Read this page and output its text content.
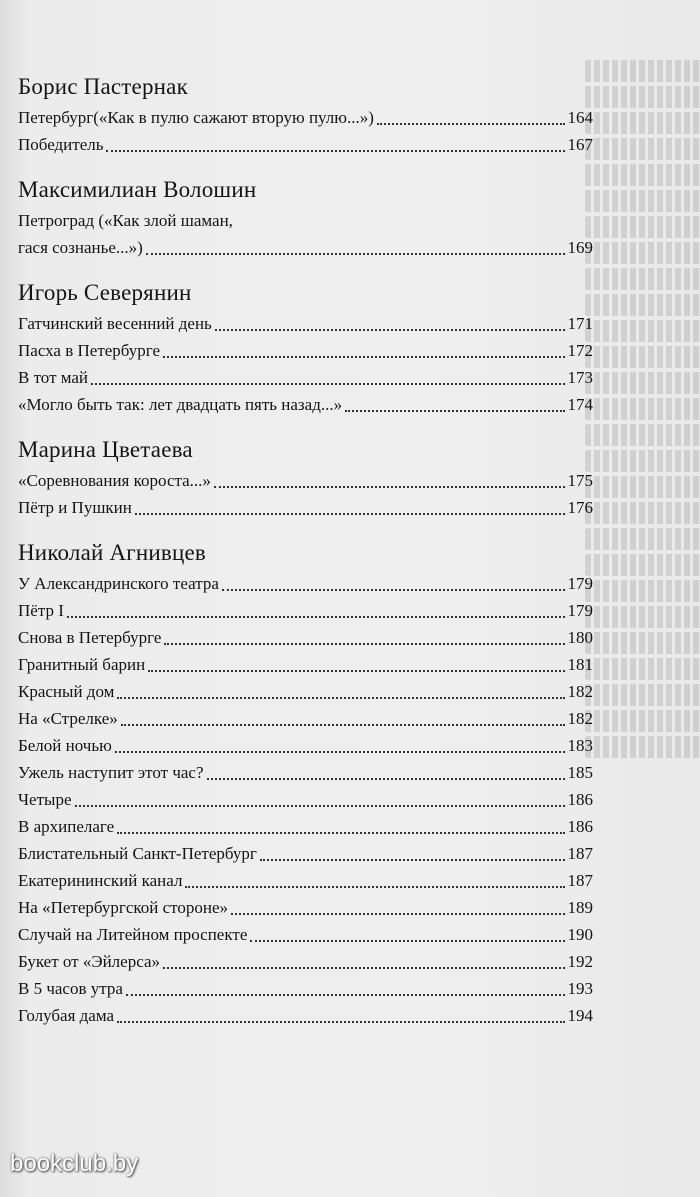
Борис Пастернак
Петербург(«Как в пулю сажают вторую пулю...»)	164
Победитель	167
Максимилиан Волошин
Петроград («Как злой шаман,
гася сознанье...»)	169
Игорь Северянин
Гатчинский весенний день	171
Пасха в Петербурге	172
В тот май	173
«Могло быть так: лет двадцать пять назад...»	174
Марина Цветаева
«Соревнования короста...»	175
Пётр и Пушкин	176
Николай Агнивцев
У Александринского театра	179
Пётр I	179
Снова в Петербурге	180
Гранитный барин	181
Красный дом	182
На «Стрелке»	182
Белой ночью	183
Ужель наступит этот час?	185
Четыре	186
В архипелаге	186
Блистательный Санкт-Петербург	187
Екатерининский канал	187
На «Петербургской стороне»	189
Случай на Литейном проспекте	190
Букет от «Эйлерса»	192
В 5 часов утра	193
Голубая дама	194
bookclub.by
